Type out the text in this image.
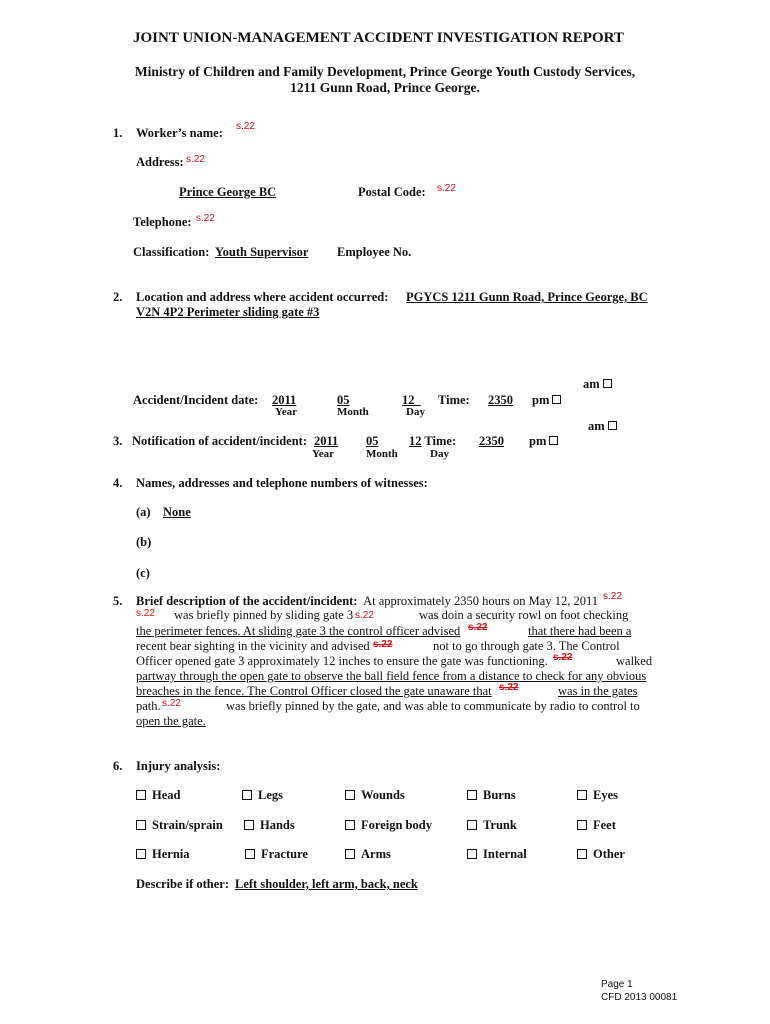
JOINT UNION-MANAGEMENT ACCIDENT INVESTIGATION REPORT
Ministry of Children and Family Development, Prince George Youth Custody Services,
1211 Gunn Road, Prince George.
1. Worker’s name: s.22
Address: s.22
Prince George BC	Postal Code: s.22
Telephone: s.22
Classification: Youth Supervisor Employee No.
2. Location and address where accident occurred: PGYCS 1211 Gunn Road, Prince George, BC
V2N 4P2 Perimeter sliding gate #3
am
Accident/Incident date: 2011	05	12	Time: 2350 pm
Year	Month	Day
am
3. Notification of accident/incident: 2011 05 12 Time: 2350 pm
Year	Month	Day
4. Names, addresses and telephone numbers of witnesses:
(a) None
(b)
(c)
5. Brief description of the accident/incident: At approximately 2350 hours on May 12, 2011 s.22
s.22 was briefly pinned by sliding gate 3 s.22	was doin a security rowl on foot checking
the perimeter fences. At sliding gate 3 the control officer advised s.22	that there had been a
recent bear sighting in the vicinity and advised s.22	not to go through gate 3. The Control
Officer opened gate 3 approximately 12 inches to ensure the gate was functioning. s.22	walked
partway through the open gate to observe the ball field fence from a distance to check for any obvious
breaches in the fence. The Control Officer closed the gate unaware that s.22	was in the gates
path. s.22	was briefly pinned by the gate, and was able to communicate by radio to control to
open the gate.
6. Injury analysis:
Head	Legs	Wounds	Burns	Eyes
Strain/sprain	Hands	Foreign body	Trunk	Feet
Hernia	Fracture	Arms	Internal	Other
Describe if other: Left shoulder, left arm, back, neck
Page 1
CFD 2013 00081
